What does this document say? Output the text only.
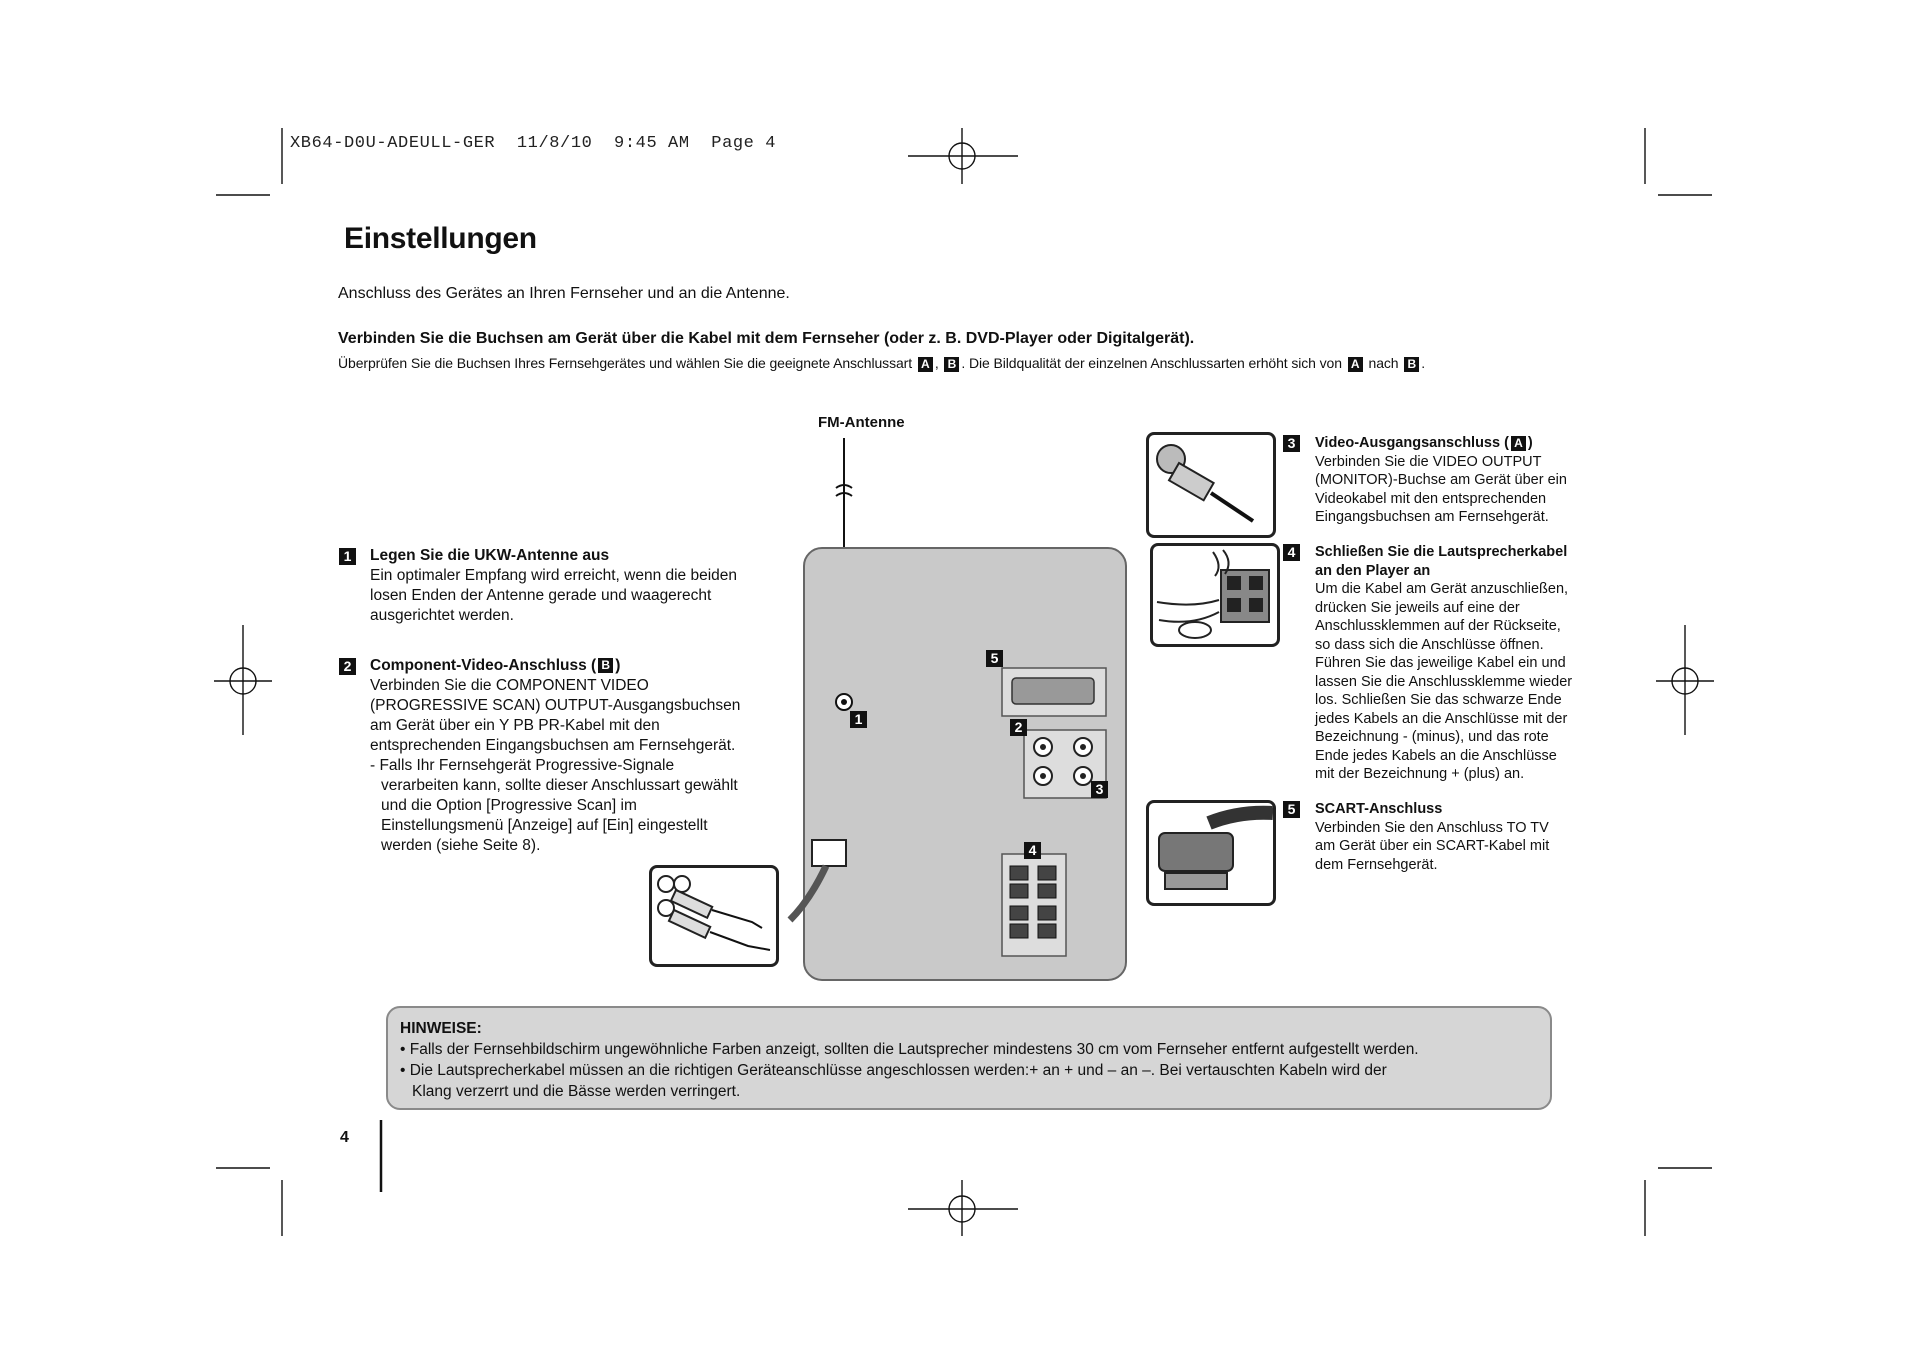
XB64-D0U-ADEULL-GER  11/8/10  9:45 AM  Page 4
Einstellungen
Anschluss des Gerätes an Ihren Fernseher und an die Antenne.
Verbinden Sie die Buchsen am Gerät über die Kabel mit dem Fernseher (oder z. B. DVD-Player oder Digitalgerät).
Überprüfen Sie die Buchsen Ihres Fernsehgerätes und wählen Sie die geeignete Anschlussart A , B . Die Bildqualität der einzelnen Anschlussarten erhöht sich von A nach B .
1 Legen Sie die UKW-Antenne aus
Ein optimaler Empfang wird erreicht, wenn die beiden
losen Enden der Antenne gerade und waagerecht
ausgerichtet werden.
2 Component-Video-Anschluss ( B )
Verbinden Sie die COMPONENT VIDEO
(PROGRESSIVE SCAN) OUTPUT-Ausgangsbuchsen
am Gerät über ein Y PB PR-Kabel mit den
entsprechenden Eingangsbuchsen am Fernsehgerät.
- Falls Ihr Fernsehgerät Progressive-Signale
verarbeiten kann, sollte dieser Anschlussart gewählt
und die Option [Progressive Scan] im
Einstellungsmenü [Anzeige] auf [Ein] eingestellt
werden (siehe Seite 8).
FM-Antenne
1	2
3
4
5
3	Video-Ausgangsanschluss ( A )
Verbinden Sie die VIDEO OUTPUT
(MONITOR)-Buchse am Gerät über ein
Videokabel mit den entsprechenden
Eingangsbuchsen am Fernsehgerät.
4	Schließen Sie die Lautsprecherkabel
an den Player an
Um die Kabel am Gerät anzuschließen,
drücken Sie jeweils auf eine der
Anschlussklemmen auf der Rückseite,
so dass sich die Anschlüsse öffnen.
Führen Sie das jeweilige Kabel ein und
lassen Sie die Anschlussklemme wieder
los. Schließen Sie das schwarze Ende
jedes Kabels an die Anschlüsse mit der
Bezeichnung - (minus), und das rote
Ende jedes Kabels an die Anschlüsse
mit der Bezeichnung + (plus) an.
5	SCART-Anschluss
Verbinden Sie den Anschluss TO TV
am Gerät über ein SCART-Kabel mit
dem Fernsehgerät.
HINWEISE:
• Falls der Fernsehbildschirm ungewöhnliche Farben anzeigt, sollten die Lautsprecher mindestens 30 cm vom Fernseher entfernt aufgestellt werden.
• Die Lautsprecherkabel müssen an die richtigen Geräteanschlüsse angeschlossen werden:+ an + und – an –. Bei vertauschten Kabeln wird der
Klang verzerrt und die Bässe werden verringert.
4
